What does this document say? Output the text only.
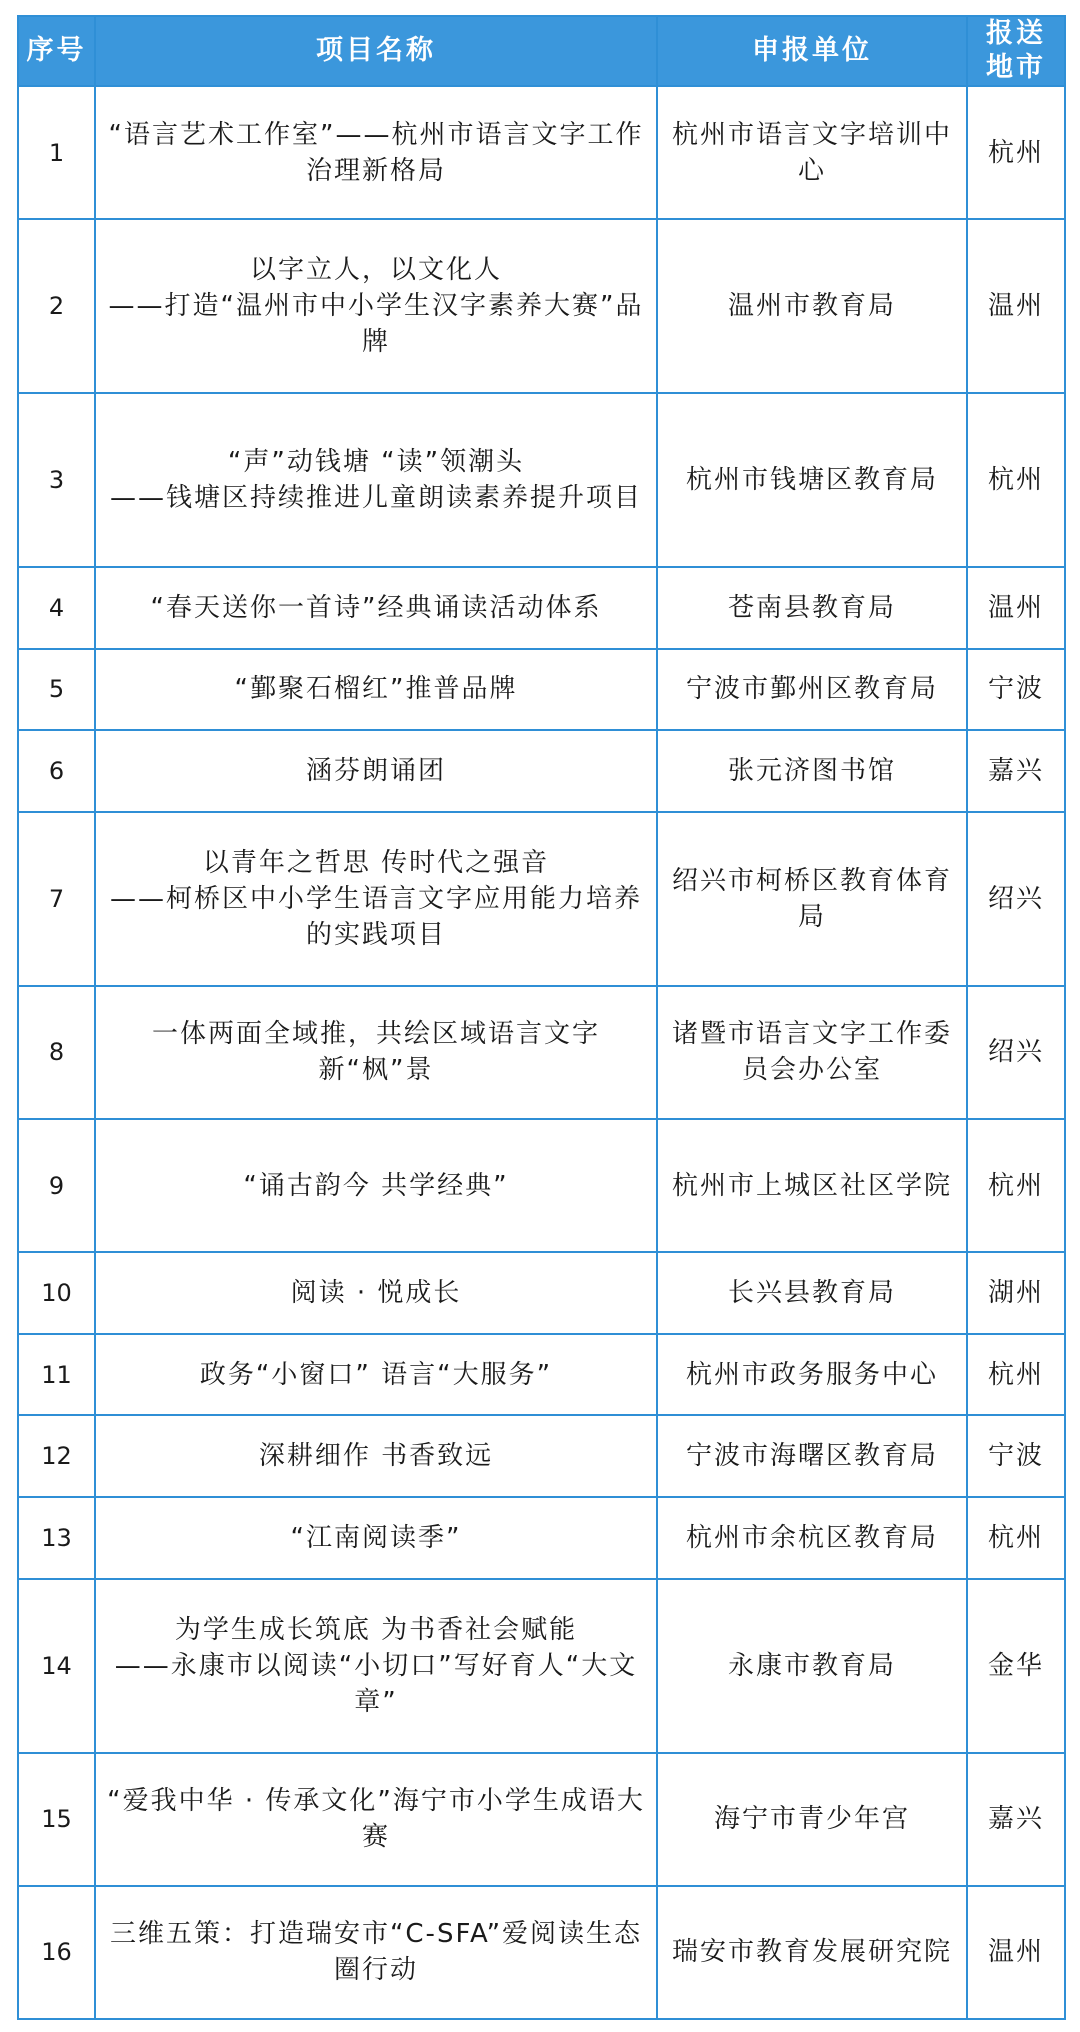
序号	项目名称	申报单位	报送
地市

1	“语言艺术工作室”——杭州市语言文字工作治理新格局	杭州市语言文字培训中心	杭州
2	以字立人，以文化人
——打造“温州市中小学生汉字素养大赛”品牌	温州市教育局	温州
3	“声”动钱塘 “读”领潮头
——钱塘区持续推进儿童朗读素养提升项目	杭州市钱塘区教育局	杭州
4	“春天送你一首诗”经典诵读活动体系	苍南县教育局	温州
5	“鄞聚石榴红”推普品牌	宁波市鄞州区教育局	宁波
6	涵芬朗诵团	张元济图书馆	嘉兴
7	以青年之哲思 传时代之强音
——柯桥区中小学生语言文字应用能力培养的实践项目	绍兴市柯桥区教育体育局	绍兴
8	一体两面全域推，共绘区域语言文字新“枫”景	诸暨市语言文字工作委员会办公室	绍兴
9	“诵古韵今 共学经典”	杭州市上城区社区学院	杭州
10	阅读 · 悦成长	长兴县教育局	湖州
11	政务“小窗口” 语言“大服务”	杭州市政务服务中心	杭州
12	深耕细作 书香致远	宁波市海曙区教育局	宁波
13	“江南阅读季”	杭州市余杭区教育局	杭州
14	为学生成长筑底 为书香社会赋能
——永康市以阅读“小切口”写好育人“大文章”	永康市教育局	金华
15	“爱我中华 · 传承文化”海宁市小学生成语大赛	海宁市青少年宫	嘉兴
16	三维五策：打造瑞安市“C-SFA”爱阅读生态圈行动	瑞安市教育发展研究院	温州
